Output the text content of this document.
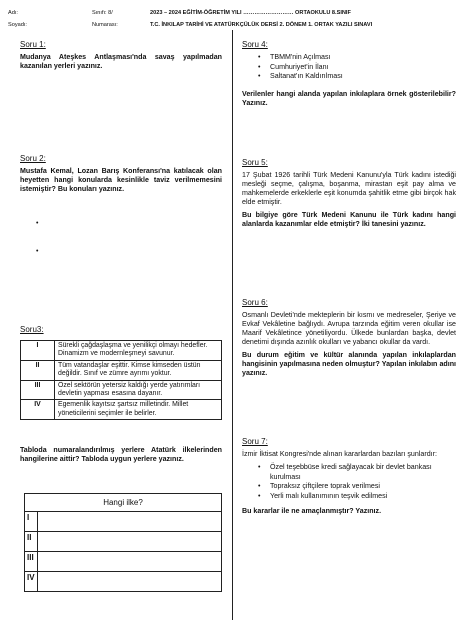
Adı:	Sınıfı: 8/	2023 – 2024 EĞİTİM-ÖĞRETİM YILI ……………………… ORTAOKULU 8.SINIF
Soyadı:	Numarası:	T.C. İNKILAP TARİHİ VE ATATÜRKÇÜLÜK DERSİ 2. DÖNEM 1. ORTAK YAZILI SINAVI
Soru 1:
Mudanya Ateşkes Antlaşması'nda savaş yapılmadan kazanılan yerleri yazınız.
Soru 2:
Mustafa Kemal, Lozan Barış Konferansı'na katılacak olan heyetten hangi konularda kesinlikle taviz verilmemesini istemiştir? Bu konuları yazınız.
•
•
Soru3:
I	Sürekli çağdaşlaşma ve yenilikçi olmayı hedefler. Dinamizm ve modernleşmeyi savunur.
II	Tüm vatandaşlar eşittir. Kimse kimseden üstün değildir. Sınıf ve zümre ayrımı yoktur.
III	Özel sektörün yetersiz kaldığı yerde yatırımları devletin yapması esasına dayanır.
IV	Egemenlik kayıtsız şartsız milletindir. Millet yöneticilerini seçimler ile belirler.
Tabloda numaralandırılmış yerlere Atatürk ilkelerinden hangilerine aittir? Tabloda uygun yerlere yazınız.
Hangi ilke?	
I	
II	
III	
IV	
Soru 4:
• TBMM'nin Açılması
• Cumhuriyet'in İlanı
• Saltanat'ın Kaldırılması
Verilenler hangi alanda yapılan inkılaplara örnek gösterilebilir? Yazınız.
Soru 5:
17 Şubat 1926 tarihli Türk Medeni Kanunu'yla Türk kadını istediği mesleği seçme, çalışma, boşanma, mirastan eşit pay alma ve mahkemelerde erkeklerle eşit konumda şahitlik etme gibi birçok hak elde etmiştir.
Bu bilgiye göre Türk Medeni Kanunu ile Türk kadını hangi alanlarda kazanımlar elde etmiştir? İki tanesini yazınız.
Soru 6:
Osmanlı Devleti'nde mekteplerin bir kısmı ve medreseler, Şeriye ve Evkaf Vekâletine bağlıydı. Avrupa tarzında eğitim veren okullar ise Maarif Vekâletince yönetiliyordu. Ülkede bunlardan başka, devlet denetimi dışında azınlık okulları ve yabancı okullar da vardı.
Bu durum eğitim ve kültür alanında yapılan inkılaplardan hangisinin yapılmasına neden olmuştur? Yapılan inkılabın adını yazınız.
Soru 7:
İzmir İktisat Kongresi'nde alınan kararlardan bazıları şunlardır:
• Özel teşebbüse kredi sağlayacak bir devlet bankası kurulması
• Topraksız çiftçilere toprak verilmesi
• Yerli malı kullanımının teşvik edilmesi
Bu kararlar ile ne amaçlanmıştır? Yazınız.
